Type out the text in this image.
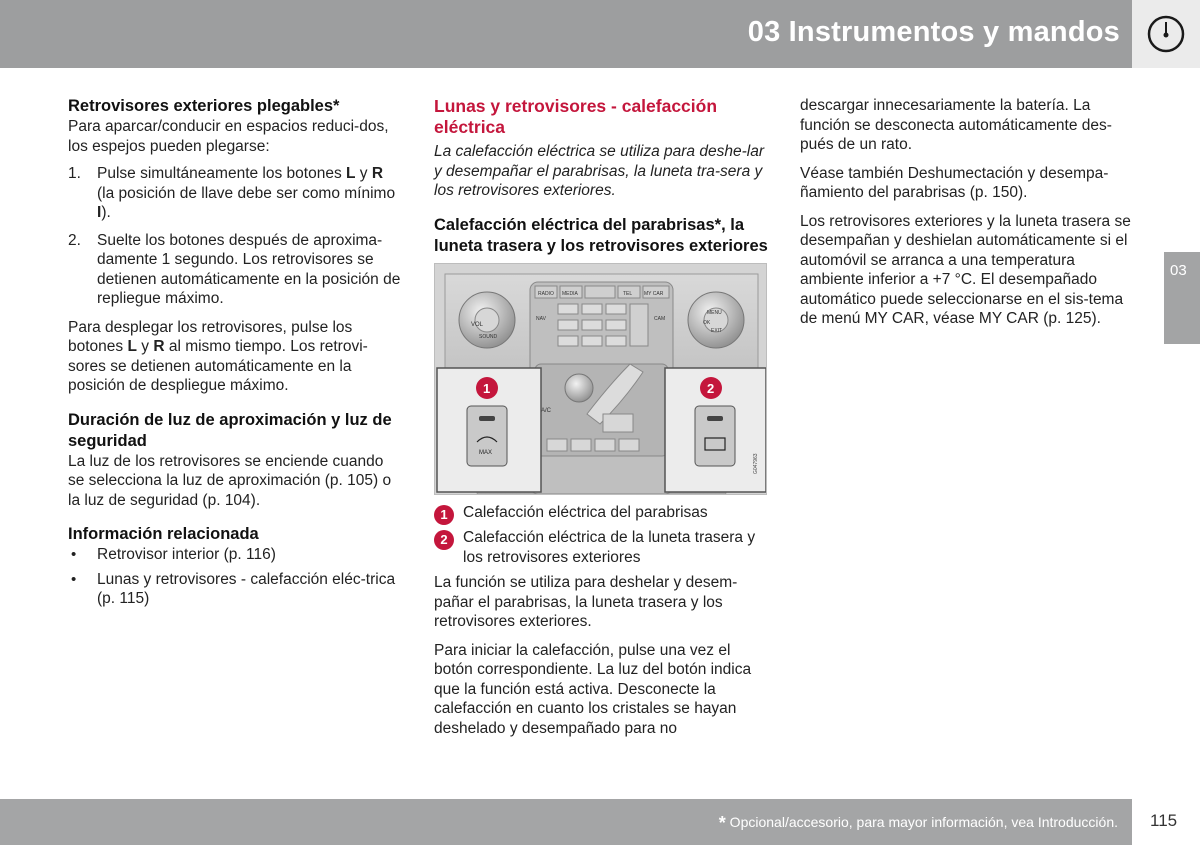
03 Instrumentos y mandos
03
Retrovisores exteriores plegables*

Para aparcar/conducir en espacios reduci-dos, los espejos pueden plegarse:

1. Pulse simultáneamente los botones L y R (la posición de llave debe ser como mínimo I).
2. Suelte los botones después de aproxima-damente 1 segundo. Los retrovisores se detienen automáticamente en la posición de repliegue máximo.

Para desplegar los retrovisores, pulse los botones L y R al mismo tiempo. Los retrovi-sores se detienen automáticamente en la posición de despliegue máximo.

Duración de luz de aproximación y luz de seguridad

La luz de los retrovisores se enciende cuando se selecciona la luz de aproximación (p. 105) o la luz de seguridad (p. 104).

Información relacionada
• Retrovisor interior (p. 116)
• Lunas y retrovisores - calefacción eléc-trica (p. 115)
Lunas y retrovisores - calefacción eléctrica

La calefacción eléctrica se utiliza para deshe-lar y desempañar el parabrisas, la luneta tra-sera y los retrovisores exteriores.

Calefacción eléctrica del parabrisas*, la luneta trasera y los retrovisores exteriores
VOL
SOUND
MENU
OK
EXIT
RADIO MEDIA	TEL MY CAR
NAV	CAM
A/C
MAX
1	2
G047963
1 Calefacción eléctrica del parabrisas
2 Calefacción eléctrica de la luneta trasera y los retrovisores exteriores

La función se utiliza para deshelar y desem-pañar el parabrisas, la luneta trasera y los retrovisores exteriores.

Para iniciar la calefacción, pulse una vez el botón correspondiente. La luz del botón indica que la función está activa. Desconecte la calefacción en cuanto los cristales se hayan deshelado y desempañado para no

descargar innecesariamente la batería. La función se desconecta automáticamente des-pués de un rato.

Véase también Deshumectación y desempa-ñamiento del parabrisas (p. 150).

Los retrovisores exteriores y la luneta trasera se desempañan y deshielan automáticamente si el automóvil se arranca a una temperatura ambiente inferior a +7 °C. El desempañado automático puede seleccionarse en el sis-tema de menú MY CAR, véase MY CAR (p. 125).

* Opcional/accesorio, para mayor información, vea Introducción. 115
